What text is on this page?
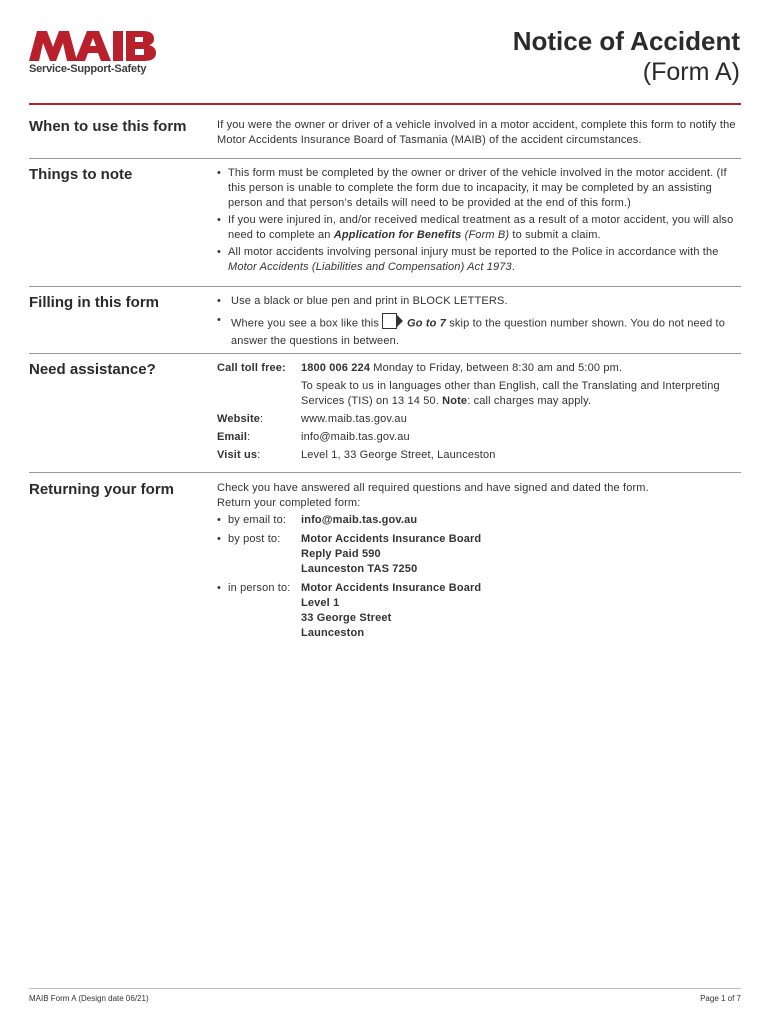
Service-Support-Safety
Notice of Accident
(Form A)
When to use this form	If you were the owner or driver of a vehicle involved in a motor accident, complete this form to notify the Motor Accidents Insurance Board of Tasmania (MAIB) of the accident circumstances.

Things to note	• This form must be completed by the owner or driver of the vehicle involved in the motor accident. (If this person is unable to complete the form due to incapacity, it may be completed by an assisting person and that person’s details will need to be provided at the end of this form.)
• If you were injured in, and/or received medical treatment as a result of a motor accident, you will also need to complete an Application for Benefits (Form B) to submit a claim.
• All motor accidents involving personal injury must be reported to the Police in accordance with the Motor Accidents (Liabilities and Compensation) Act 1973.
Filling in this form	• Use a black or blue pen and print in BLOCK LETTERS.
• Where you see a box like this	Go to 7 skip to the question number shown. You do not need to answer the questions in between.
Need assistance?	Call toll free:	1800 006 224 Monday to Friday, between 8:30 am and 5:00 pm.
To speak to us in languages other than English, call the Translating and Interpreting Services (TIS) on 13 14 50. Note: call charges may apply.
Website:	www.maib.tas.gov.au
Email:	info@maib.tas.gov.au
Visit us:	Level 1, 33 George Street, Launceston
Returning your form	Check you have answered all required questions and have signed and dated the form.

Return your completed form:

• by email to:	info@maib.tas.gov.au
• by post to:	Motor Accidents Insurance Board
Reply Paid 590
Launceston TAS 7250
• in person to: Motor Accidents Insurance Board
Level 1
33 George Street
Launceston
MAIB Form A (Design date 06/21)	Page 1 of 7
